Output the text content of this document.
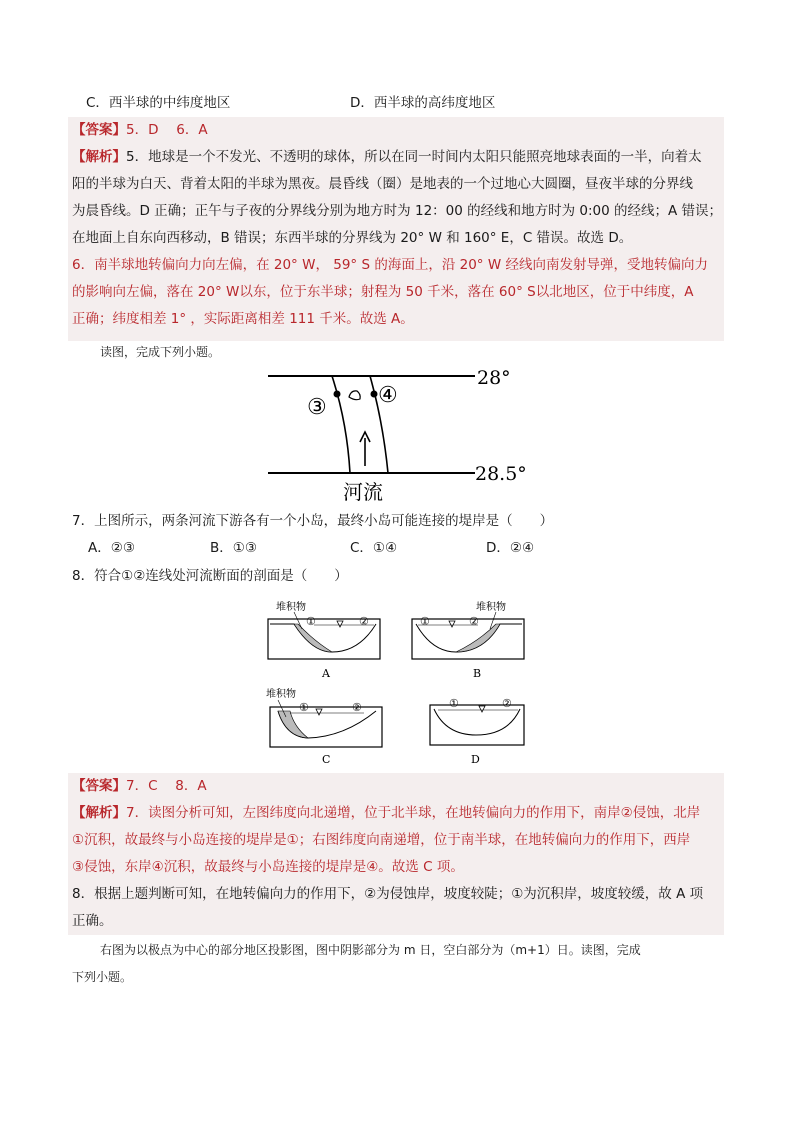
C．西半球的中纬度地区	D．西半球的高纬度地区
【答案】5．D　 6．A
【解析】5．地球是一个不发光、不透明的球体，所以在同一时间内太阳只能照亮地球表面的一半，向着太
阳的半球为白天、背着太阳的半球为黑夜。晨昏线（圈）是地表的一个过地心大圆圈，昼夜半球的分界线
为晨昏线。D 正确；正午与子夜的分界线分别为地方时为 12：00 的经线和地方时为 0:00 的经线；A 错误；
在地面上自东向西移动，B 错误；东西半球的分界线为 20° W 和 160° E，C 错误。故选 D。
6．南半球地转偏向力向左偏，在 20° W， 59° S 的海面上，沿 20° W 经线向南发射导弹，受地转偏向力
的影响向左偏，落在 20° W以东，位于东半球；射程为 50 千米，落在 60° S以北地区，位于中纬度，A
正确；纬度相差 1° ，实际距离相差 111 千米。故选 A。
读图，完成下列小题。
28°
28.5°
③ ④
河流
7．上图所示，两条河流下游各有一个小岛，最终小岛可能连接的堤岸是（　　）
A．②③	B．①③	C．①④	D．②④
8．符合①②连线处河流断面的剖面是（　　）
堆积物
①	②
A
堆积物
①	②
B
堆积物
①	②
C
①	②
D
【答案】7．C　 8．A
【解析】7．读图分析可知，左图纬度向北递增，位于北半球，在地转偏向力的作用下，南岸②侵蚀，北岸
①沉积，故最终与小岛连接的堤岸是①；右图纬度向南递增，位于南半球，在地转偏向力的作用下，西岸
③侵蚀，东岸④沉积，故最终与小岛连接的堤岸是④。故选 C 项。
8．根据上题判断可知，在地转偏向力的作用下，②为侵蚀岸，坡度较陡；①为沉积岸，坡度较缓，故 A 项
正确。
右图为以极点为中心的部分地区投影图，图中阴影部分为 m 日，空白部分为（m+1）日。读图，完成
下列小题。
